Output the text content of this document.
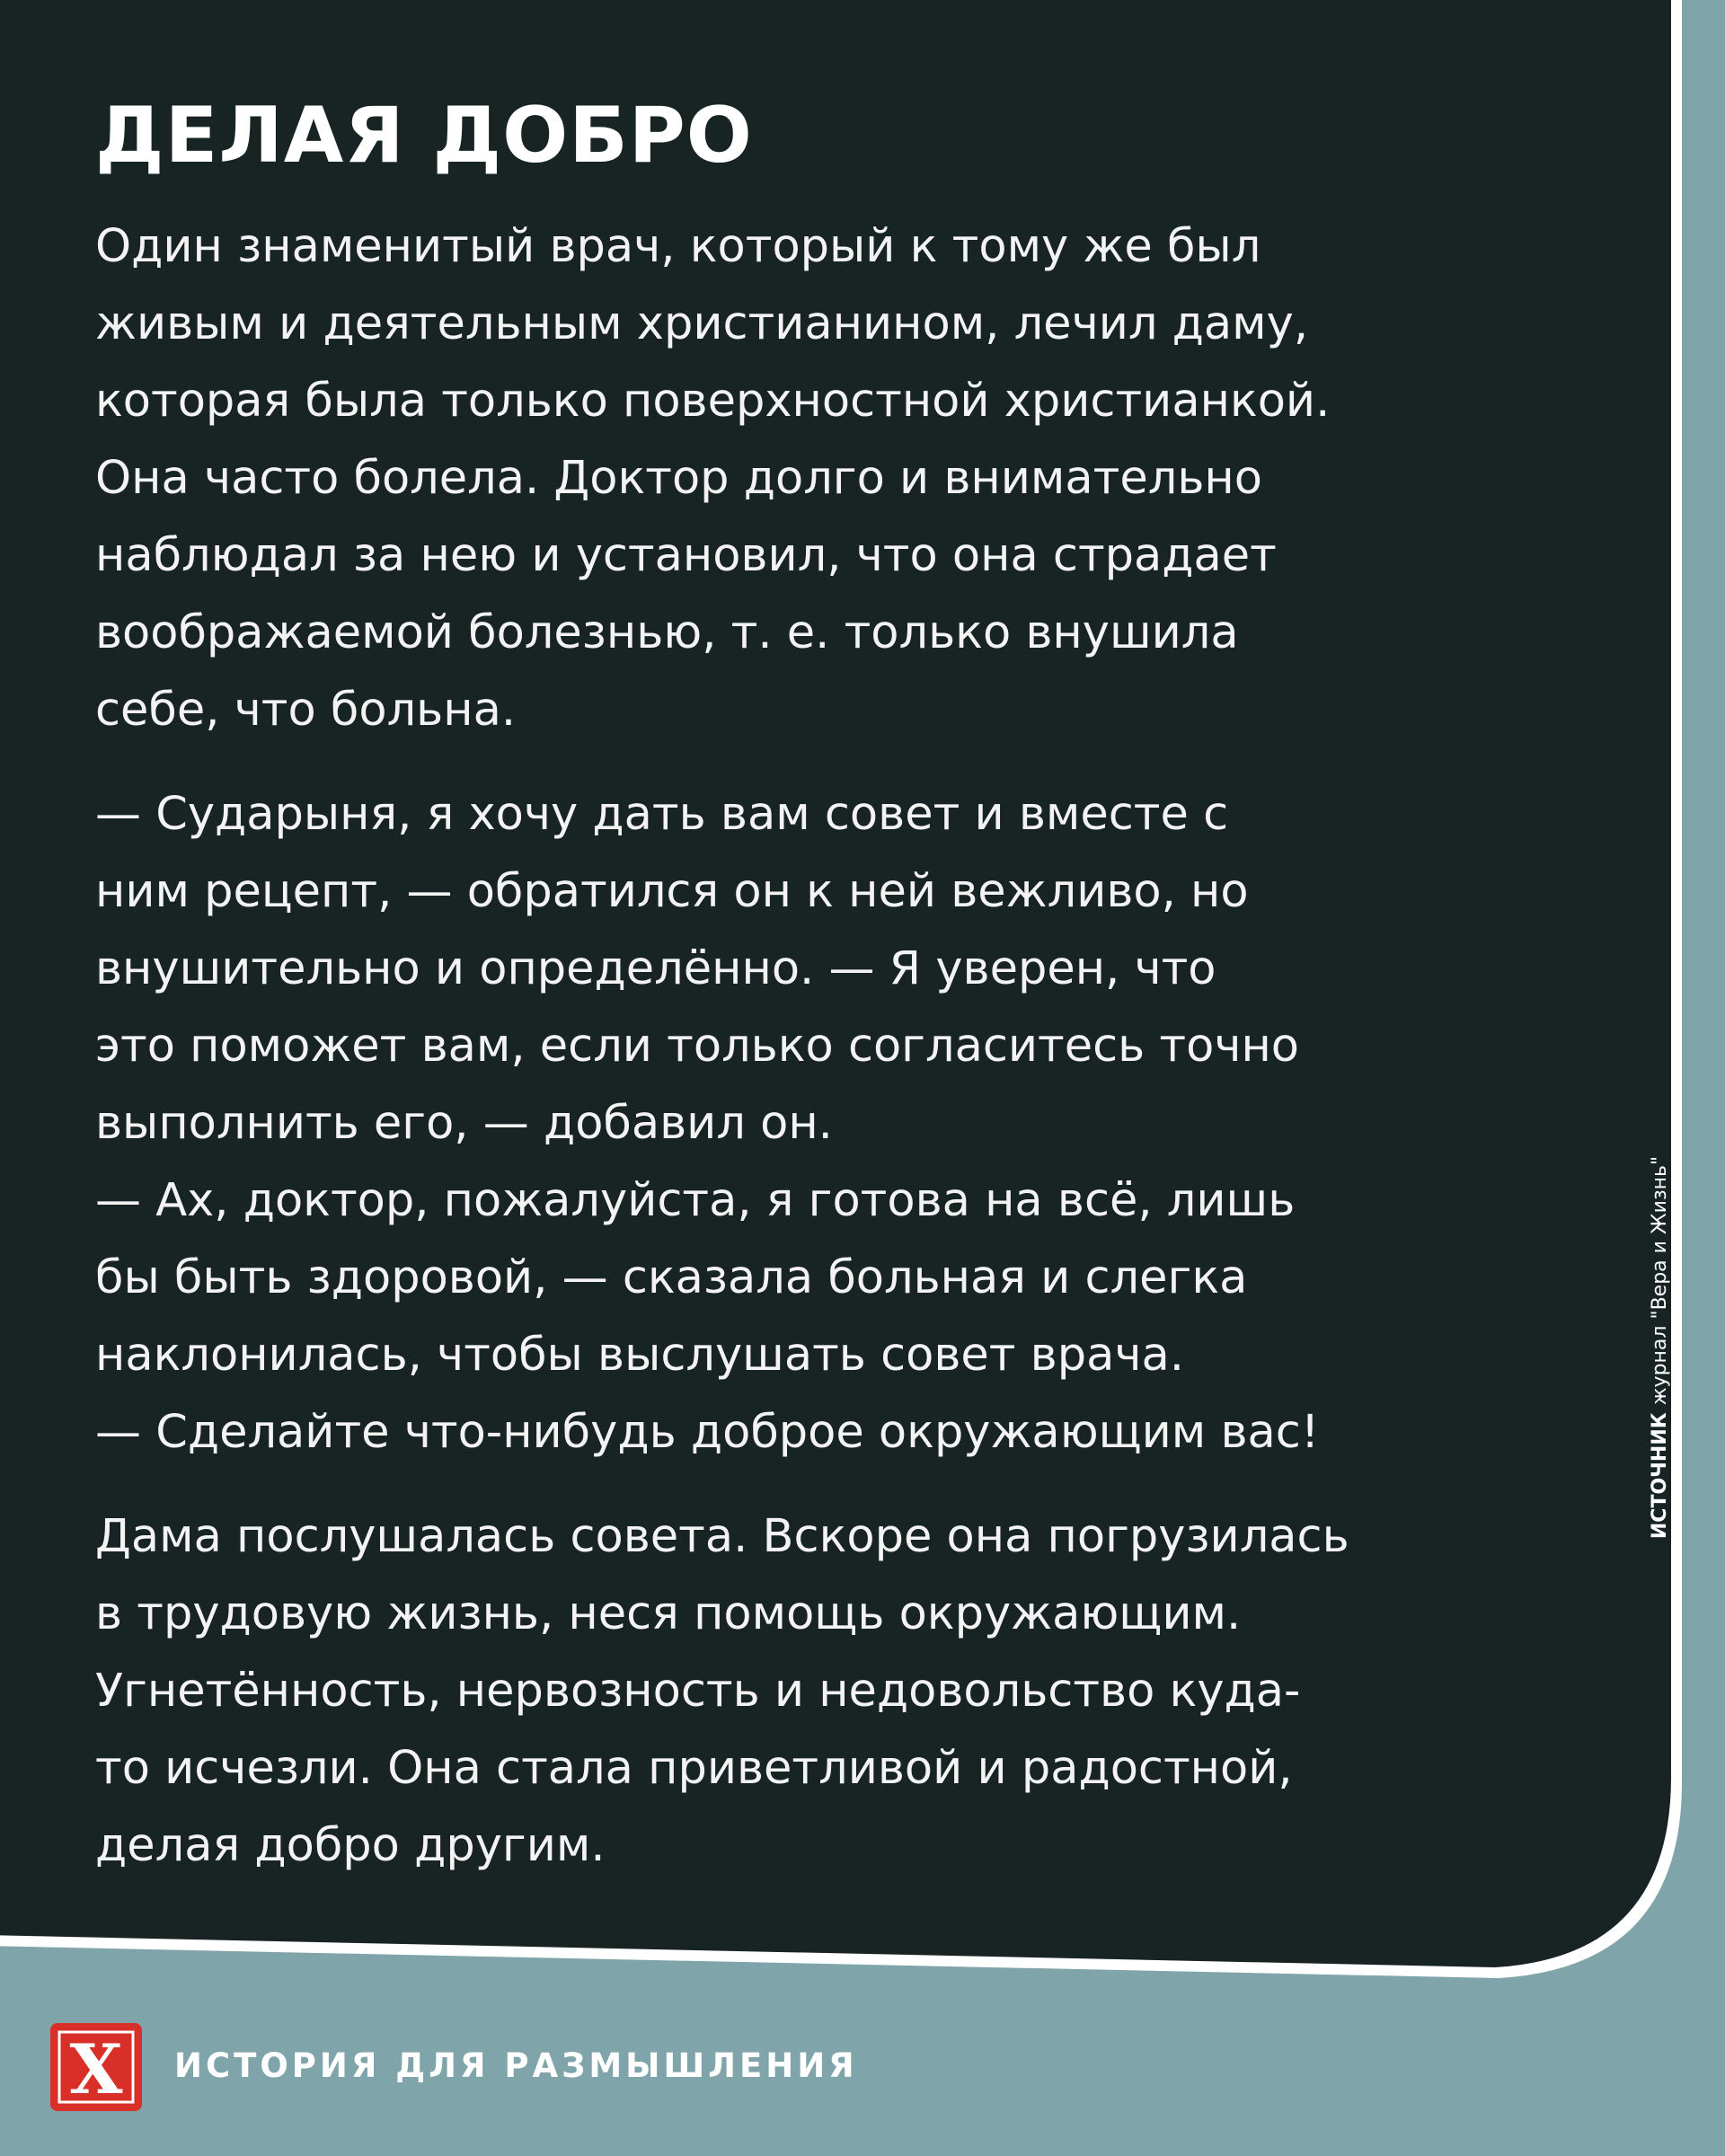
ДЕЛАЯ ДОБРО
Один знаменитый врач, который к тому же был
живым и деятельным христианином, лечил даму,
которая была только поверхностной христианкой.
Она часто болела. Доктор долго и внимательно
наблюдал за нею и установил, что она страдает
воображаемой болезнью, т. е. только внушила
себе, что больна.
— Сударыня, я хочу дать вам совет и вместе с
ним рецепт, — обратился он к ней вежливо, но
внушительно и определённо. — Я уверен, что
это поможет вам, если только согласитесь точно
выполнить его, — добавил он.
— Ах, доктор, пожалуйста, я готова на всё, лишь
бы быть здоровой, — сказала больная и слегка
наклонилась, чтобы выслушать совет врача.
— Сделайте что-нибудь доброе окружающим вас!
Дама послушалась совета. Вскоре она погрузилась
в трудовую жизнь, неся помощь окружающим.
Угнетённость, нервозность и недовольство куда-
то исчезли. Она стала приветливой и радостной,
делая добро другим.
ИСТОЧНИКжурнал "Вера и Жизнь"
X ИСТОРИЯ ДЛЯ РАЗМЫШЛЕНИЯ
